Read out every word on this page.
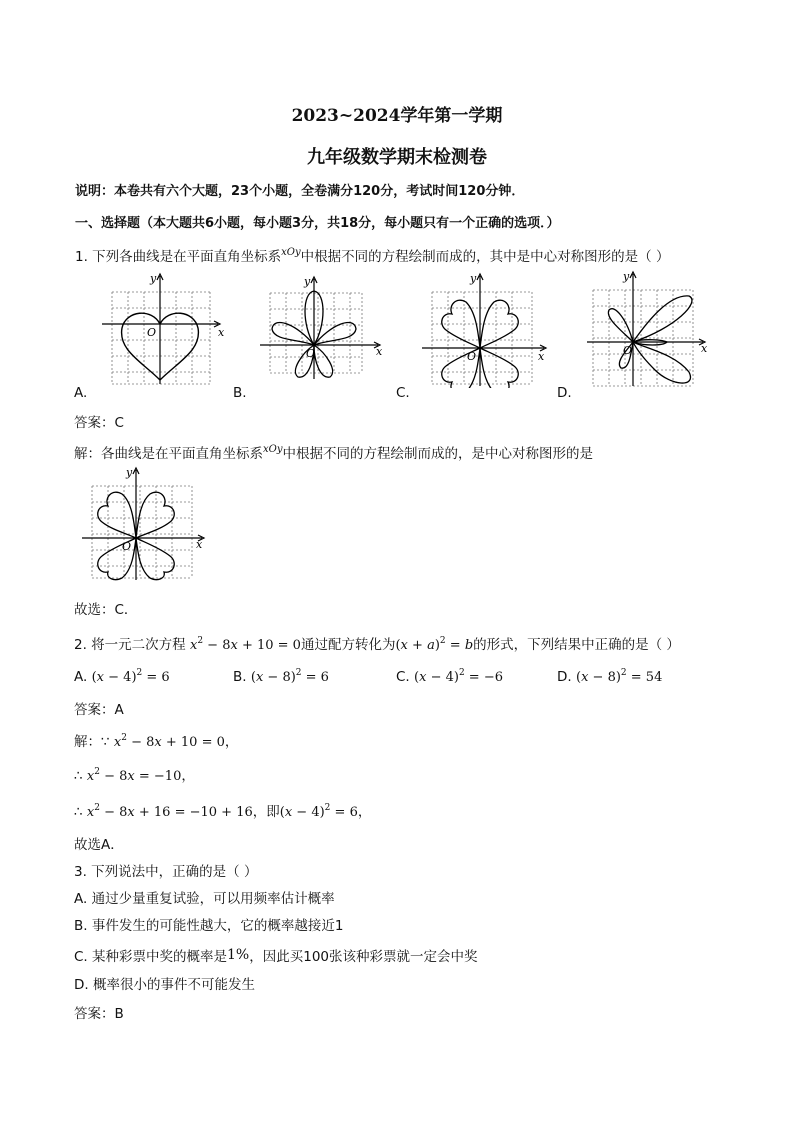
2023~2024学年第一学期
九年级数学期末检测卷
说明：本卷共有六个大题，23个小题，全卷满分120分，考试时间120分钟．
一、选择题（本大题共6小题，每小题3分，共18分，每小题只有一个正确的选项．）
1. 下列各曲线是在平面直角坐标系$^{xOy}$中根据不同的方程绘制而成的，其中是中心对称图形的是（ ）
x
y
O
A.
x
y
O
B.
x
y
O
C.
x
y
O
D.
答案：C
解：各曲线是在平面直角坐标系$^{xOy}$中根据不同的方程绘制而成的，是中心对称图形的是
x
y
O
故选：C．
2. 将一元二次方程 $x^2 - 8x + 10 = 0$通过配方转化为$(x + a)^2 = b$的形式，下列结果中正确的是（ ）
A. $(x - 4)^2 = 6$	B. $(x - 8)^2 = 6$	C. $(x - 4)^2 = -6$	D. $(x - 8)^2 = 54$
答案：A
解：∵ $x^2 - 8x + 10 = 0$，
∴ $x^2 - 8x = -10$，
∴ $x^2 - 8x + 16 = -10 + 16$，即$(x - 4)^2 = 6$，
故选A．
3. 下列说法中，正确的是（ ）
A. 通过少量重复试验，可以用频率估计概率
B. 事件发生的可能性越大，它的概率越接近1
C. 某种彩票中奖的概率是1%，因此买100张该种彩票就一定会中奖
D. 概率很小的事件不可能发生
答案：B
